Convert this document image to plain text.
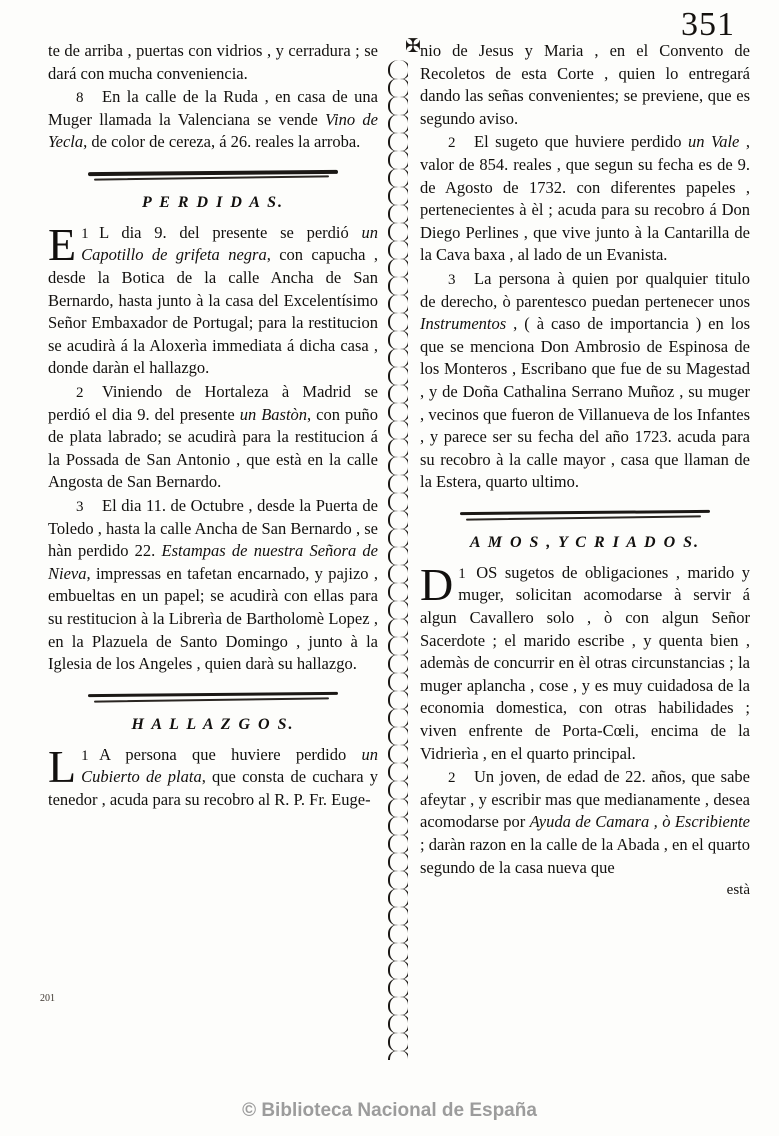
351
✠

te de arriba , puertas con vidrios , y cerradura ; se dará con mucha conveniencia.

8 En la calle de la Ruda , en casa de una Muger llamada la Valenciana se vende Vino de Yecla, de color de cereza, á 26. reales la arroba.

P E R D I D A S.

1
E	L dia 9. del presente se perdió un Capotillo de grifeta negra, con capucha , desde la Botica de la calle Ancha de San Bernardo, hasta junto à la casa del Excelentísimo Señor Embaxador de Portugal; para la restitucion se acudirà á la Aloxerìa immediata á dicha casa , donde daràn el hallazgo.

2 Viniendo de Hortaleza à Madrid se perdió el dia 9. del presente un Bastòn, con puño de plata labrado; se acudirà para la restitucion á la Possada de San Antonio , que està en la calle Angosta de San Bernardo.

3 El dia 11. de Octubre , desde la Puerta de Toledo , hasta la calle Ancha de San Bernardo , se hàn perdido 22. Estampas de nuestra Señora de Nieva, impressas en tafetan encarnado, y pajizo , embueltas en un papel; se acudirà con ellas para su restitucion à la Librerìa de Bartholomè Lopez , en la Plazuela de Santo Domingo , junto à la Iglesia de los Angeles , quien darà su hallazgo.

H A L L A Z G O S.

1
L	A persona que huviere perdido un Cubierto de plata, que consta de cuchara y tenedor , acuda para su recobro al R. P. Fr. Euge-

201

nio de Jesus y Maria , en el Convento de Recoletos de esta Corte , quien lo entregará dando las señas convenientes; se previene, que es segundo aviso.

2 El sugeto que huviere perdido un Vale , valor de 854. reales , que segun su fecha es de 9. de Agosto de 1732. con diferentes papeles , pertenecientes à èl ; acuda para su recobro á Don Diego Perlines , que vive junto à la Cantarilla de la Cava baxa , al lado de un Evanista.

3 La persona à quien por qualquier titulo de derecho, ò parentesco puedan pertenecer unos Instrumentos , ( à caso de importancia ) en los que se menciona Don Ambrosio de Espinosa de los Monteros , Escribano que fue de su Magestad , y de Doña Cathalina Serrano Muñoz , su muger , vecinos que fueron de Villanueva de los Infantes , y parece ser su fecha del año 1723. acuda para su recobro à la calle mayor , casa que llaman de la Estera, quarto ultimo.

A M O S , Y C R I A D O S.

1
D	OS sugetos de obligaciones , marido y muger, solicitan acomodarse à servir á algun Cavallero solo , ò con algun Señor Sacerdote ; el marido escribe , y quenta bien , ademàs de concurrir en èl otras circunstancias ; la muger aplancha , cose , y es muy cuidadosa de la economia domestica, con otras habilidades ; viven enfrente de Porta-Cœli, encima de la Vidrierìa , en el quarto principal.

2 Un joven, de edad de 22. años, que sabe afeytar , y escribir mas que medianamente , desea acomodarse por Ayuda de Camara , ò Escribiente ; daràn razon en la calle de la Abada , en el quarto segundo de la casa nueva que

està

© Biblioteca Nacional de España
